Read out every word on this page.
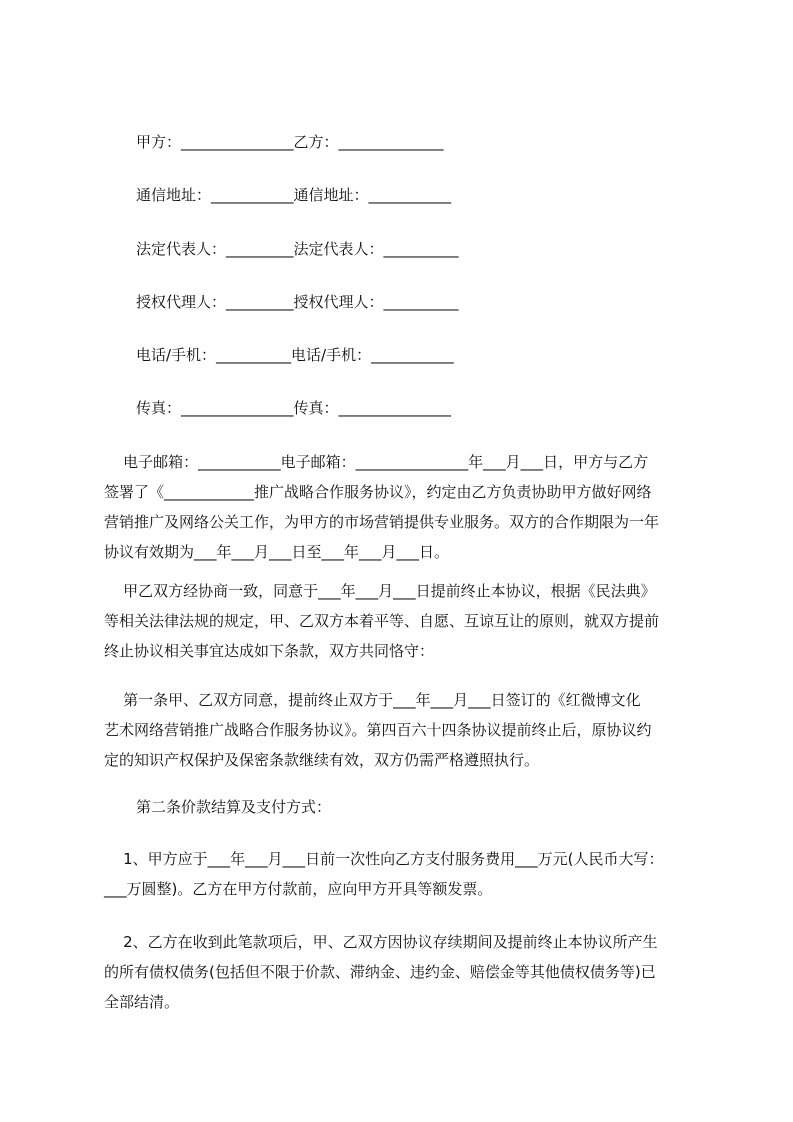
甲方：_______________乙方：______________

通信地址：___________通信地址：___________

法定代表人：_________法定代表人：__________

授权代理人：_________授权代理人：__________

电话/手机：__________电话/手机：___________

传真：_______________传真：_______________

电子邮箱：___________电子邮箱：_______________年___月___日，甲方与乙方
签署了《____________推广战略合作服务协议》，约定由乙方负责协助甲方做好网络
营销推广及网络公关工作，为甲方的市场营销提供专业服务。双方的合作期限为一年
协议有效期为___年___月___日至___年___月___日。
甲乙双方经协商一致，同意于___年___月___日提前终止本协议，根据《民法典》
等相关法律法规的规定，甲、乙双方本着平等、自愿、互谅互让的原则，就双方提前
终止协议相关事宜达成如下条款，双方共同恪守：
第一条甲、乙双方同意，提前终止双方于___年___月___日签订的《红微博文化
艺术网络营销推广战略合作服务协议》。第四百六十四条协议提前终止后，原协议约
定的知识产权保护及保密条款继续有效，双方仍需严格遵照执行。

第二条价款结算及支付方式：

1、甲方应于___年___月___日前一次性向乙方支付服务费用___万元(人民币大写：
___万圆整)。乙方在甲方付款前，应向甲方开具等额发票。
2、乙方在收到此笔款项后，甲、乙双方因协议存续期间及提前终止本协议所产生
的所有债权债务(包括但不限于价款、滞纳金、违约金、赔偿金等其他债权债务等)已
全部结清。
